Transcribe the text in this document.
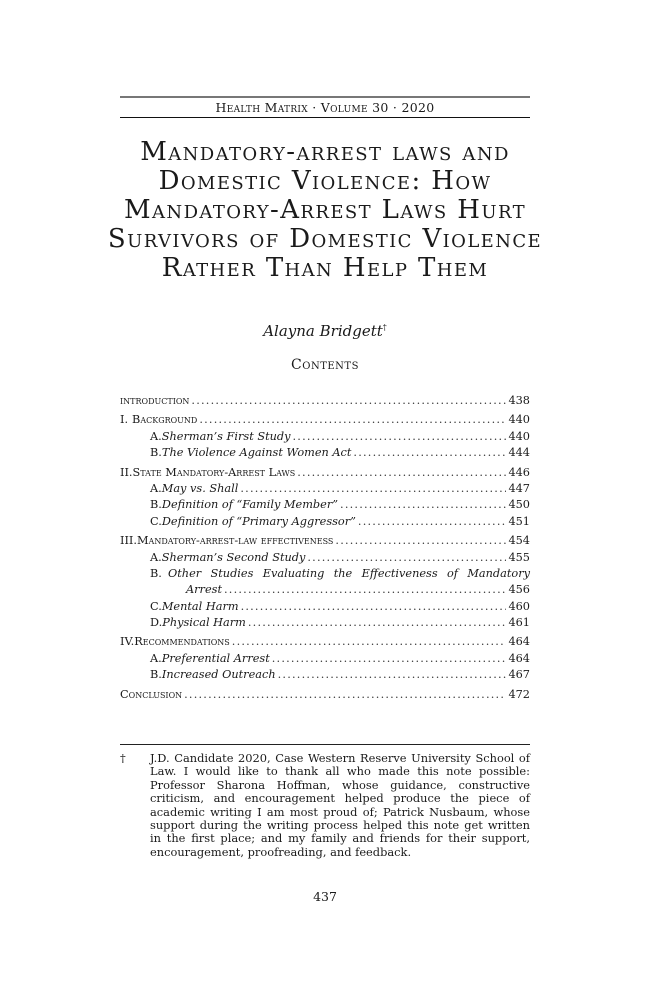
Health Matrix · Volume 30 · 2020
Mandatory-arrest laws and Domestic Violence: How Mandatory-Arrest Laws Hurt Survivors of Domestic Violence Rather Than Help Them
Alayna Bridgett†
Contents
introduction .....	438
I. Background .....	440
A. Sherman’s First Study .....	440
B. The Violence Against Women Act .....	444
II. State Mandatory-Arrest Laws .....	446
A. May vs. Shall .....	447
B. Definition of “Family Member” .....	450
C. Definition of “Primary Aggressor” .....	451
III. Mandatory-arrest-law effectiveness .....	454
A. Sherman’s Second Study .....	455
B. Other Studies Evaluating the Effectiveness of Mandatory
Arrest .....	456
C. Mental Harm .....	460
D. Physical Harm .....	461
IV. Recommendations .....	464
A. Preferential Arrest .....	464
B. Increased Outreach .....	467
Conclusion .....	472
† J.D. Candidate 2020, Case Western Reserve University School of Law. I would like to thank all who made this note possible: Professor Sharona Hoffman, whose guidance, constructive criticism, and encouragement helped produce the piece of academic writing I am most proud of; Patrick Nusbaum, whose support during the writing process helped this note get written in the first place; and my family and friends for their support, encouragement, proofreading, and feedback.
437
